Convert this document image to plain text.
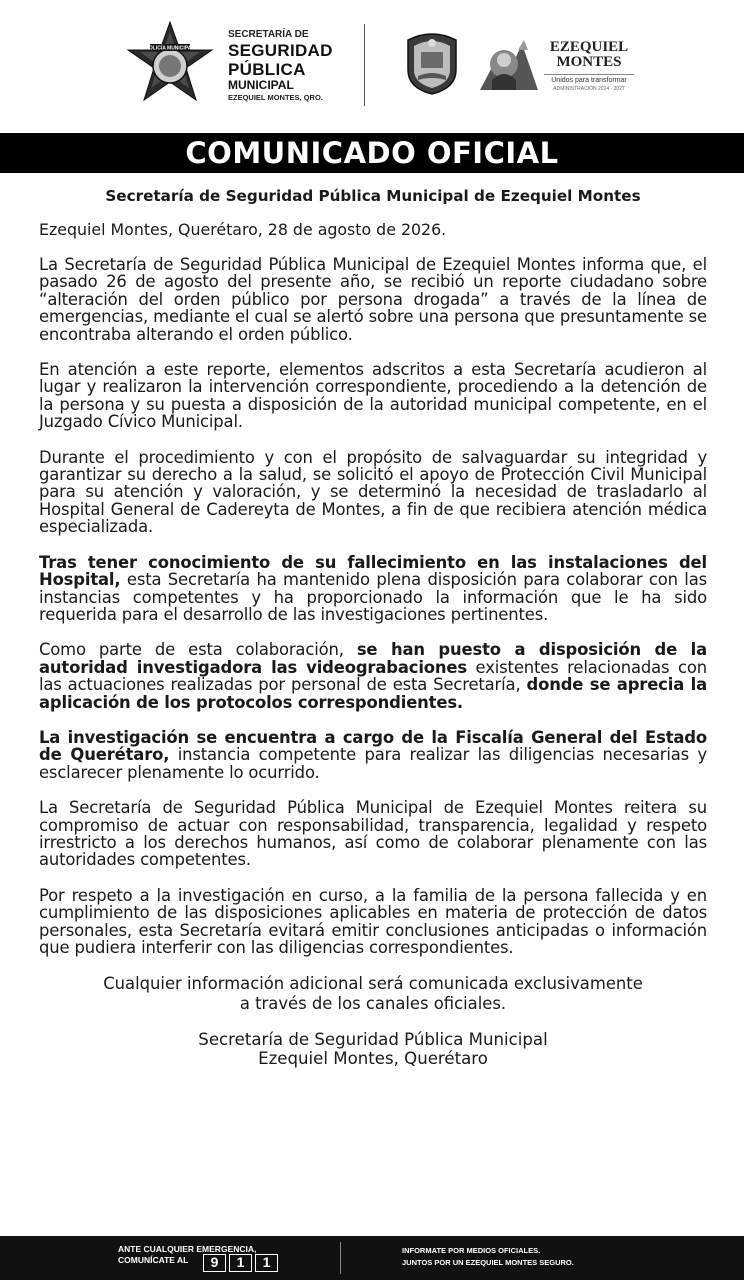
POLICÍA MUNICIPAL
SECRETARÍA DE
SEGURIDAD
PÚBLICA
MUNICIPAL
EZEQUIEL MONTES, QRO.
EZEQUIEL
MONTES
Unidos para transformar
ADMINISTRACIÓN 2024 - 2027
COMUNICADO OFICIAL
Secretaría de Seguridad Pública Municipal de Ezequiel Montes
Ezequiel Montes, Querétaro, 28 de agosto de 2026.

La Secretaría de Seguridad Pública Municipal de Ezequiel Montes informa que, el pasado 26 de agosto del presente año, se recibió un reporte ciudadano sobre “alteración del orden público por persona drogada” a través de la línea de emergencias, mediante el cual se alertó sobre una persona que presuntamente se encontraba alterando el orden público.

En atención a este reporte, elementos adscritos a esta Secretaría acudieron al lugar y realizaron la intervención correspondiente, procediendo a la detención de la persona y su puesta a disposición de la autoridad municipal competente, en el Juzgado Cívico Municipal.

Durante el procedimiento y con el propósito de salvaguardar su integridad y garantizar su derecho a la salud, se solicitó el apoyo de Protección Civil Municipal para su atención y valoración, y se determinó la necesidad de trasladarlo al Hospital General de Cadereyta de Montes, a fin de que recibiera atención médica especializada.

Tras tener conocimiento de su fallecimiento en las instalaciones del Hospital, esta Secretaría ha mantenido plena disposición para colaborar con las instancias competentes y ha proporcionado la información que le ha sido requerida para el desarrollo de las investigaciones pertinentes.

Como parte de esta colaboración, se han puesto a disposición de la autoridad investigadora las videograbaciones existentes relacionadas con las actuaciones realizadas por personal de esta Secretaría, donde se aprecia la aplicación de los protocolos correspondientes.

La investigación se encuentra a cargo de la Fiscalía General del Estado de Querétaro, instancia competente para realizar las diligencias necesarias y esclarecer plenamente lo ocurrido.

La Secretaría de Seguridad Pública Municipal de Ezequiel Montes reitera su compromiso de actuar con responsabilidad, transparencia, legalidad y respeto irrestricto a los derechos humanos, así como de colaborar plenamente con las autoridades competentes.

Por respeto a la investigación en curso, a la familia de la persona fallecida y en cumplimiento de las disposiciones aplicables en materia de protección de datos personales, esta Secretaría evitará emitir conclusiones anticipadas o información que pudiera interferir con las diligencias correspondientes.

Cualquier información adicional será comunicada exclusivamente
a través de los canales oficiales.
Secretaría de Seguridad Pública Municipal
Ezequiel Montes, Querétaro
ANTE CUALQUIER EMERGENCIA,
COMUNÍCATE AL	9	1	1
INFORMATE POR MEDIOS OFICIALES.
JUNTOS POR UN EZEQUIEL MONTES SEGURO.
